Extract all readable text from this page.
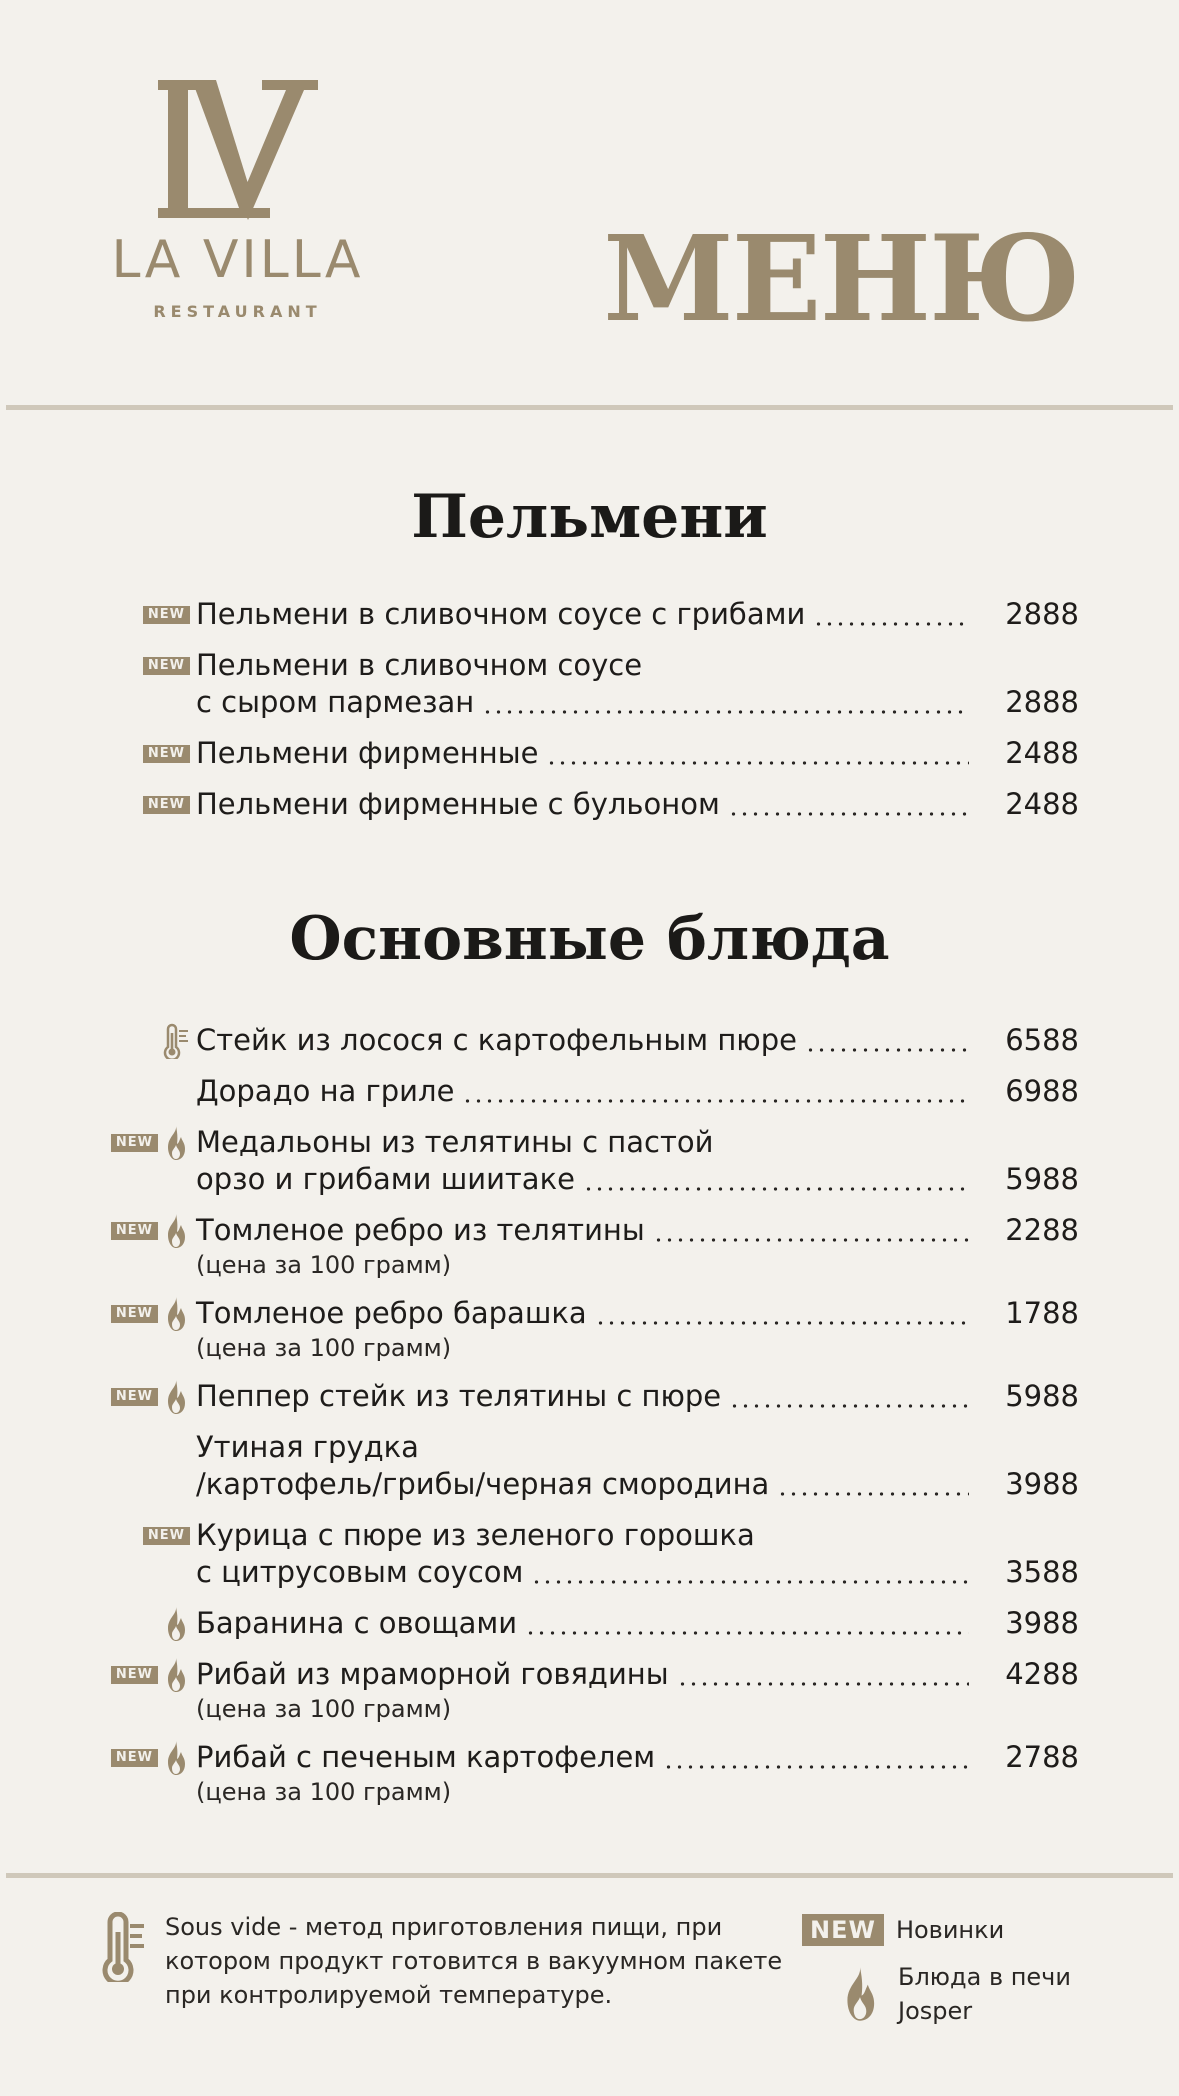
LA VILLA
RESTAURANT	МЕНЮ
Пельмени
NEW Пельмени в сливочном соусе с грибами	2888
NEW Пельмени в сливочном соусе
с сыром пармезан	2888
NEW Пельмени фирменные	2488
NEW Пельмени фирменные с бульоном	2488
Основные блюда
Стейк из лосося с картофельным пюре	6588
Дорадо на гриле	6988
NEW Медальоны из телятины с пастой
орзо и грибами шиитаке	5988
NEW Томленое ребро из телятины	2288
(цена за 100 грамм)
NEW Томленое ребро барашка	1788
(цена за 100 грамм)
NEW Пеппер стейк из телятины с пюре	5988
Утиная грудка
/картофель/грибы/черная смородина	3988
NEW Курица с пюре из зеленого горошка
с цитрусовым соусом	3588
Баранина с овощами	3988
NEW Рибай из мраморной говядины	4288
(цена за 100 грамм)
NEW Рибай с печеным картофелем	2788
(цена за 100 грамм)

Sous vide - метод приготовления пищи, при котором продукт готовится в вакуумном пакете при контролируемой температуре.

NEW Новинки
Блюда в печи
Josper
